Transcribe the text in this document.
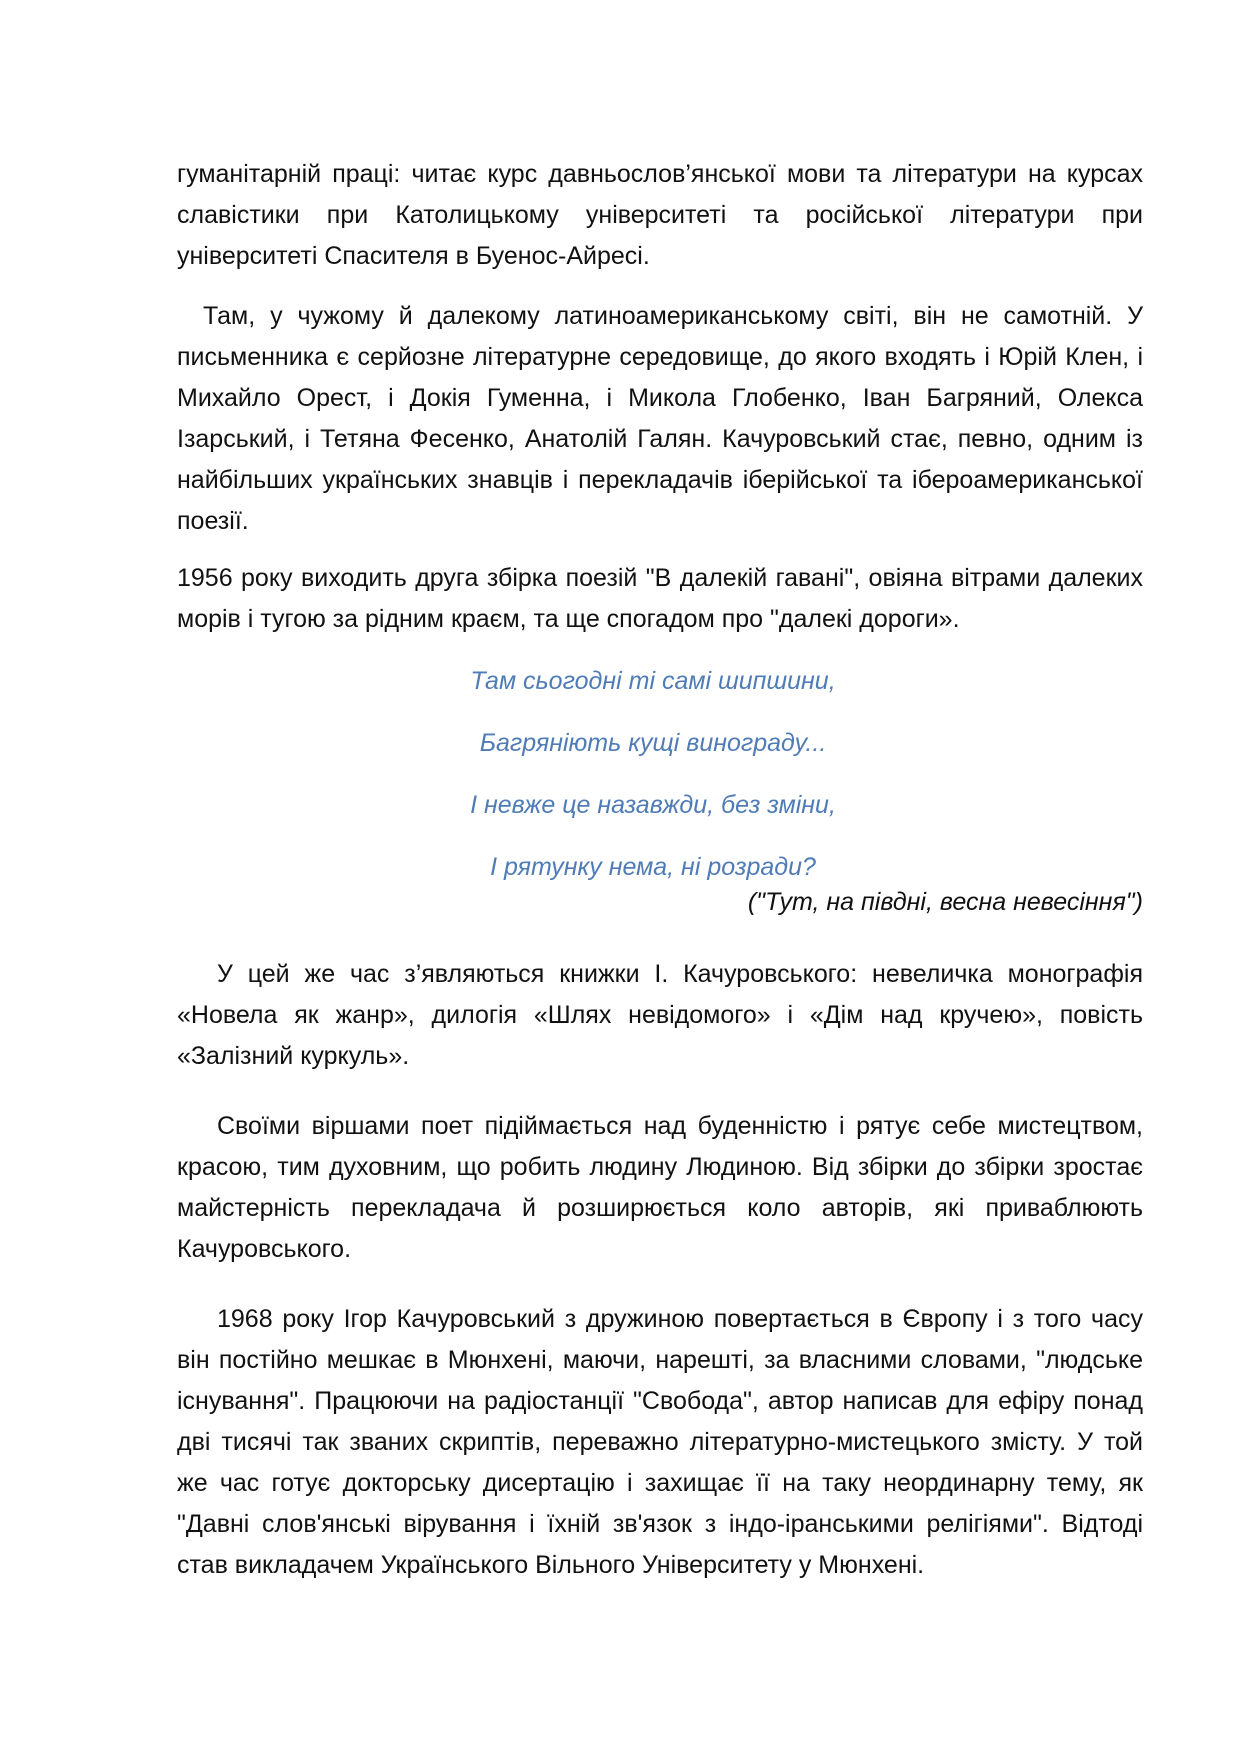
гуманітарній праці: читає курс давньослов’янської мови та літератури на курсах славістики при Католицькому університеті та російської літератури при університеті Спасителя в Буенос-Айресі.

Там, у чужому й далекому латиноамериканському світі, він не самотній. У письменника є серйозне літературне середовище, до якого входять і Юрій Клен, і Михайло Орест, і Докія Гуменна, і Микола Глобенко, Іван Багряний, Олекса Ізарський, і Тетяна Фесенко, Анатолій Галян. Качуровський стає, певно, одним із найбільших українських знавців і перекладачів іберійської та іберoамериканської поезії.

1956 року виходить друга збірка поезій "В далекій гавані", овіяна вітрами далеких морів і тугою за рідним краєм, та ще спогадом про "далекі дороги».

Там сьогодні ті самі шипшини,
Багряніють кущі винограду...
І невже це назавжди, без зміни,
І рятунку нема, ні розради?
("Тут, на півдні, весна невесіння")

У цей же час з’являються книжки І. Качуровського: невеличка монографія «Новела як жанр», дилогія «Шлях невідомого» і «Дім над кручею», повість «Залізний куркуль».

Своїми віршами поет підіймається над буденністю і рятує себе мистецтвом, красою, тим духовним, що робить людину Людиною. Від збірки до збірки зростає майстерність перекладача й розширюється коло авторів, які приваблюють Качуровського.

1968 року Ігор Качуровський з дружиною повертається в Європу і з того часу він постійно мешкає в Мюнхені, маючи, нарешті, за власними словами, "людське існування". Працюючи на радіостанції "Свобода", автор написав для ефіру понад дві тисячі так званих скриптів, переважно літературно-мистецького змісту. У той же час готує докторську дисертацію і захищає її на таку неординарну тему, як "Давні слов'янські вірування і їхній зв'язок з індо-іранськими релігіями". Відтоді став викладачем Українського Вільного Університету у Мюнхені.
